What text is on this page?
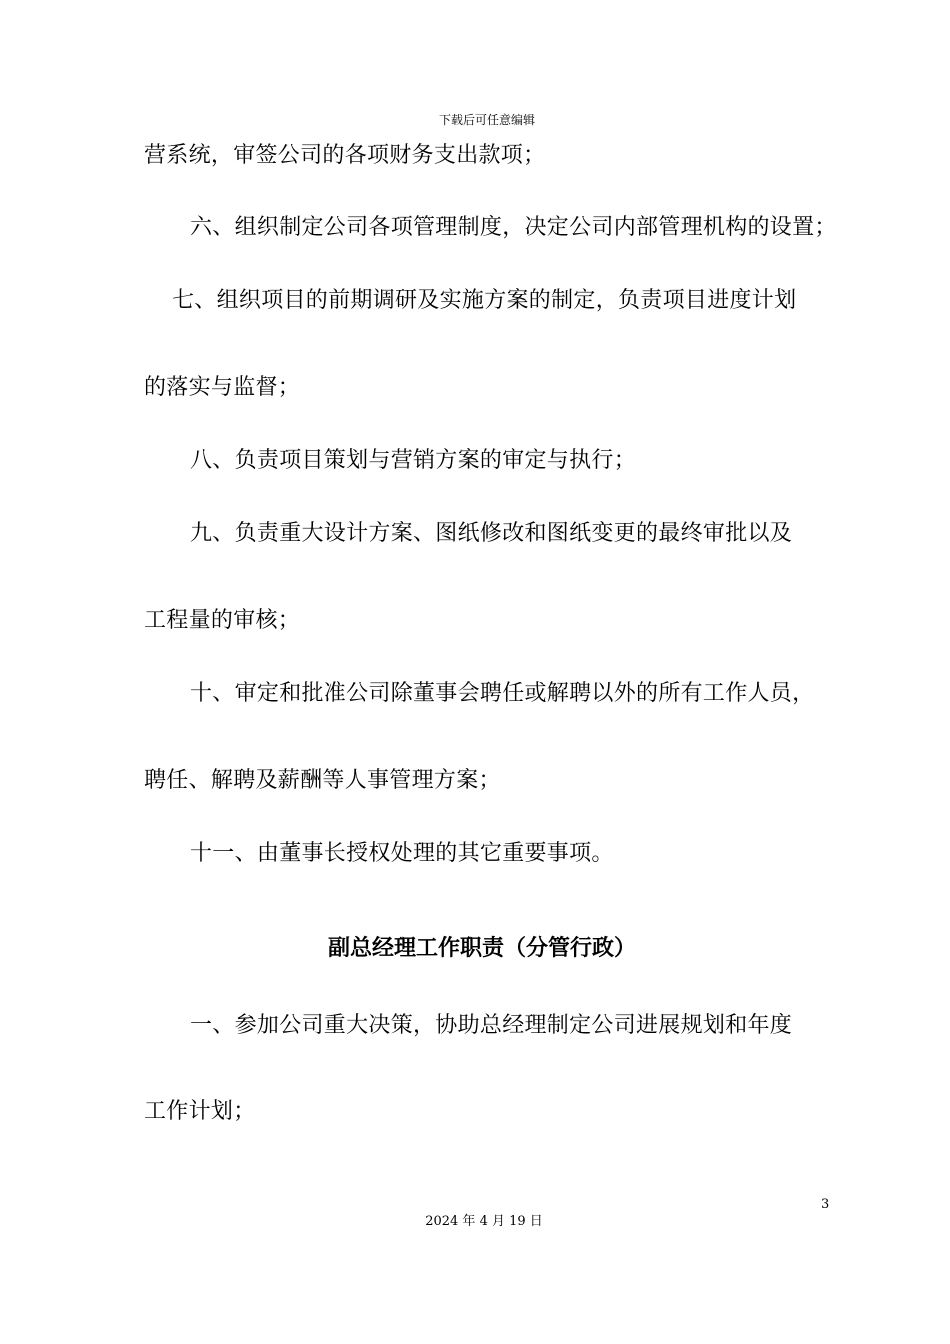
下载后可任意编辑
营系统，审签公司的各项财务支出款项；
六、组织制定公司各项管理制度，决定公司内部管理机构的设置；
七、组织项目的前期调研及实施方案的制定，负责项目进度计划
的落实与监督；
八、负责项目策划与营销方案的审定与执行；
九、负责重大设计方案、图纸修改和图纸变更的最终审批以及
工程量的审核；
十、审定和批准公司除董事会聘任或解聘以外的所有工作人员，
聘任、解聘及薪酬等人事管理方案；
十一、由董事长授权处理的其它重要事项。
副总经理工作职责（分管行政）
一、参加公司重大决策，协助总经理制定公司进展规划和年度
工作计划；
3
2024 年 4 月 19 日
